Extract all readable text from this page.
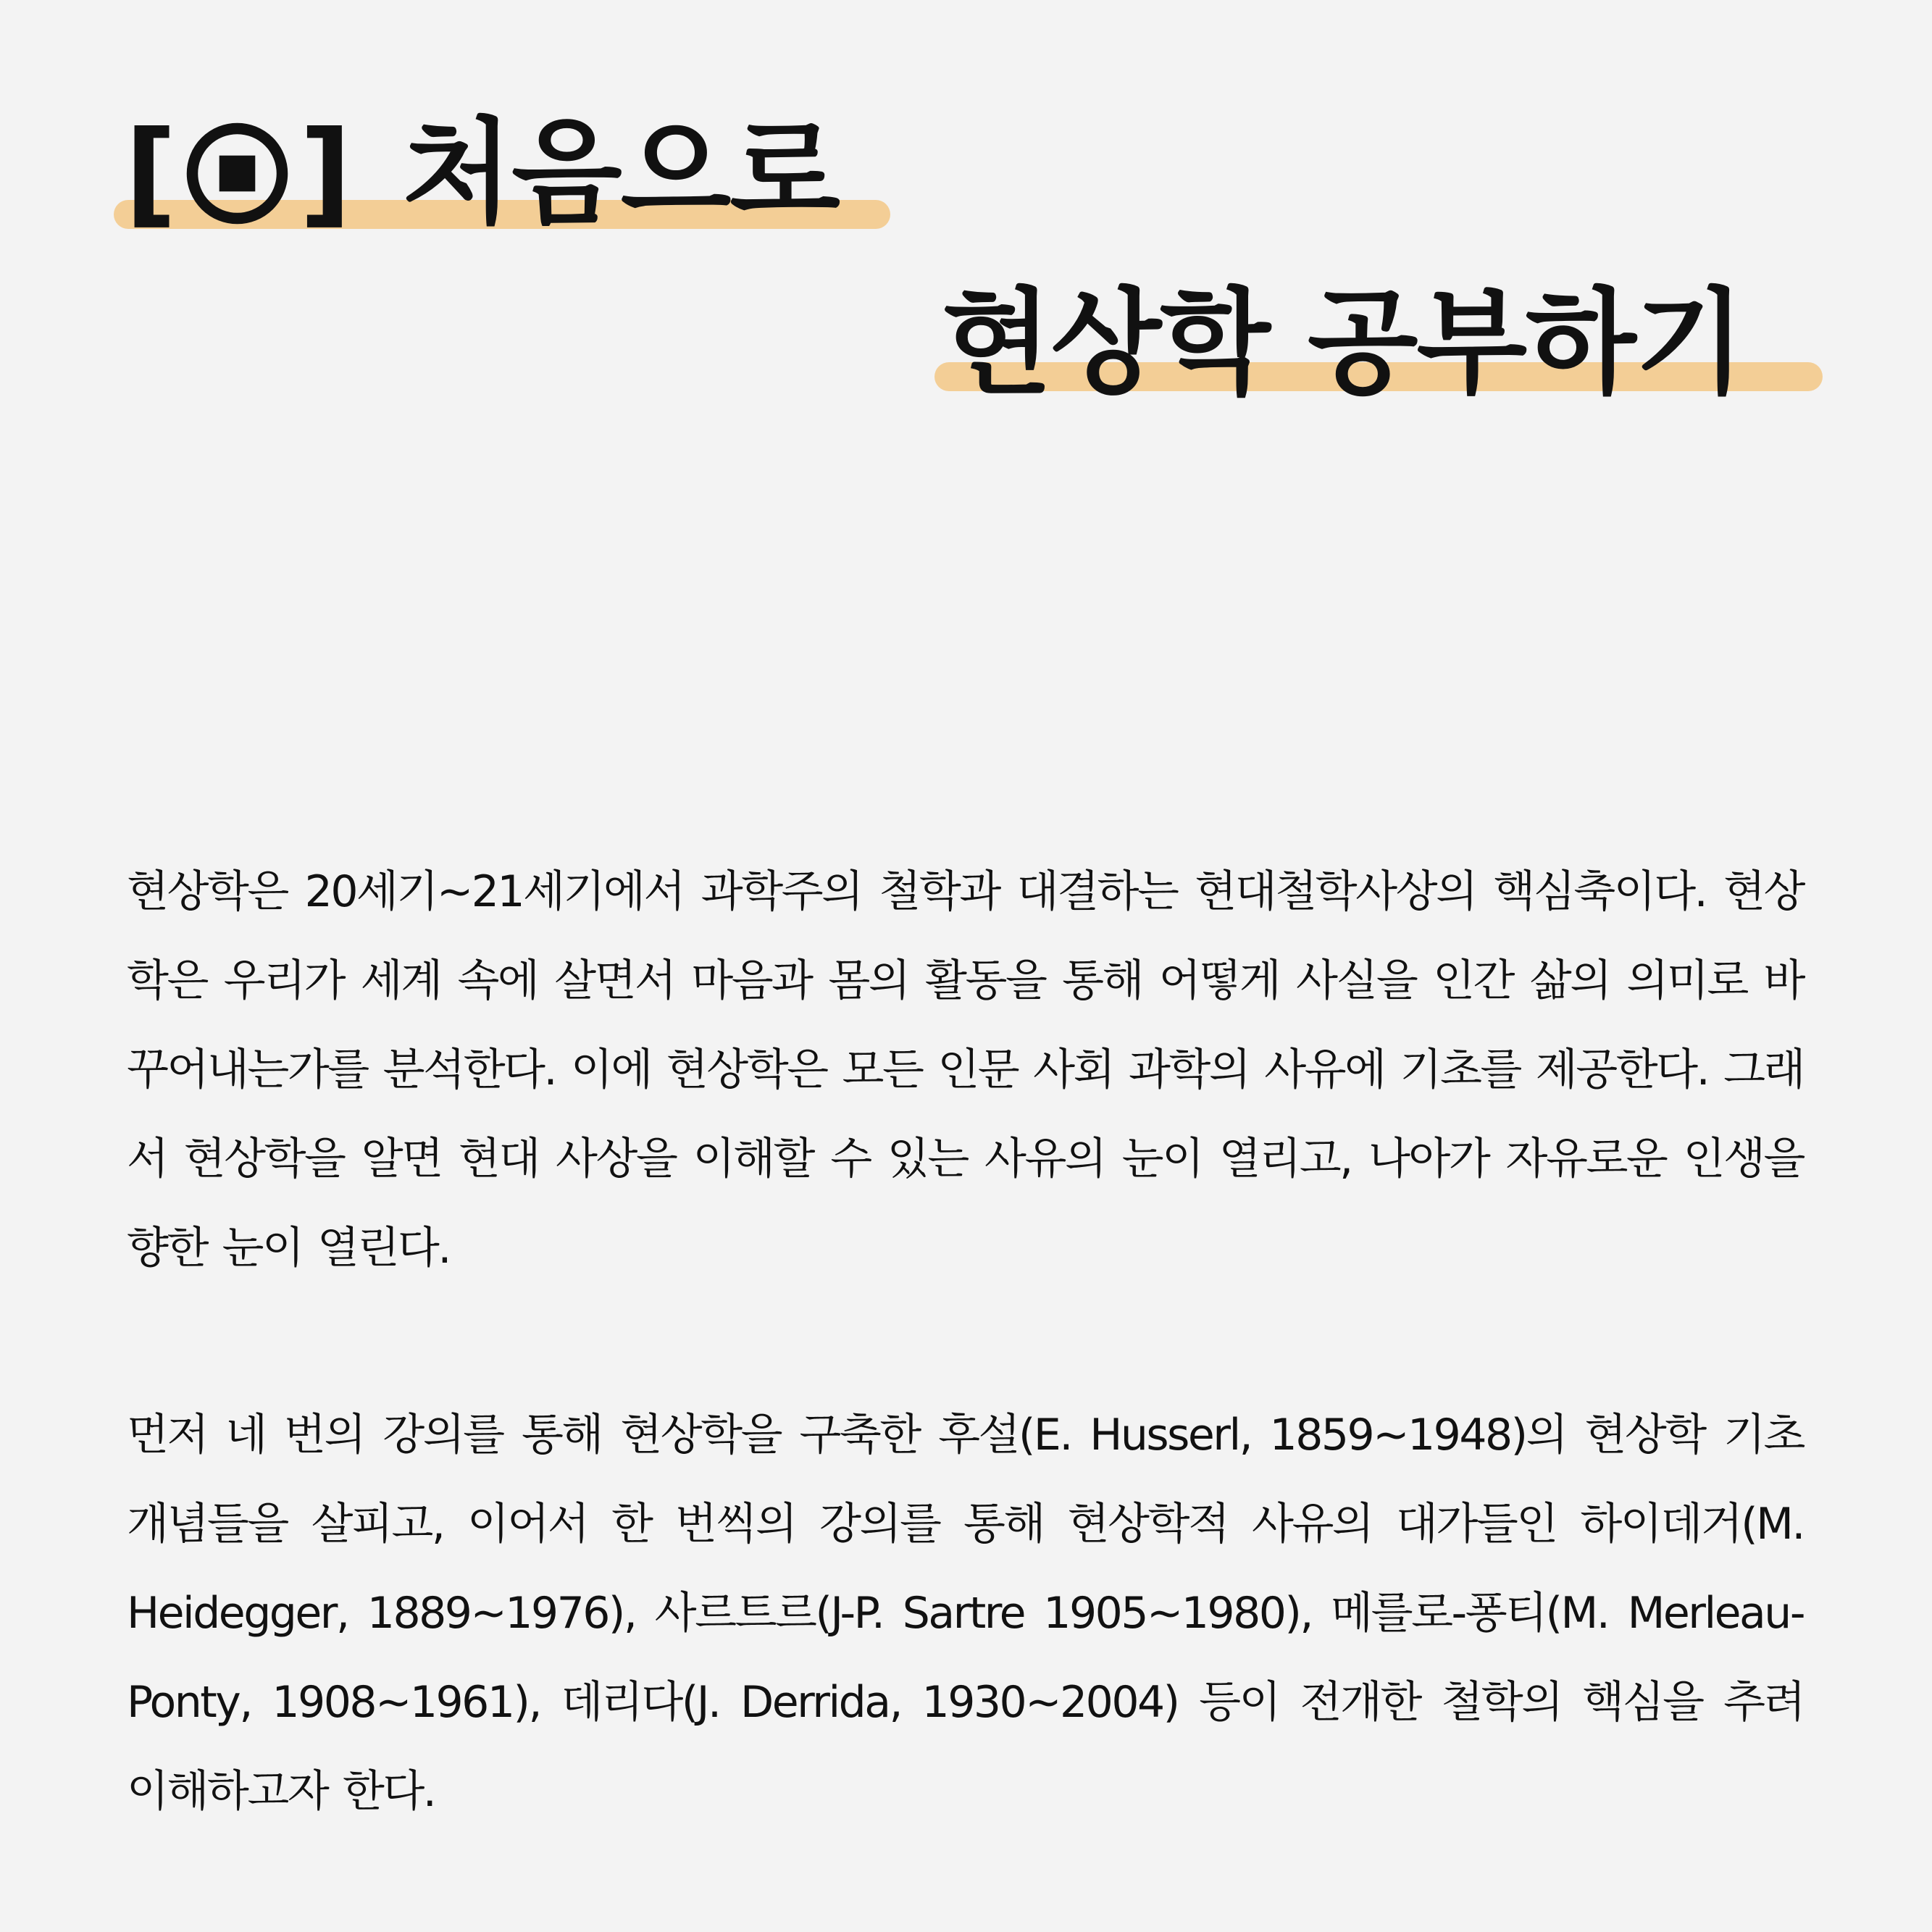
[ ] 처음으로
현상학 공부하기

현상학은 20세기~21세기에서 과학주의 철학과 대결하는 현대철학사상의 핵심축이다. 현상학은 우리가 세계 속에 살면서 마음과 몸의 활동을 통해 어떻게 사실을 인간 삶의 의미로 바꾸어내는가를 분석한다. 이에 현상학은 모든 인문 사회 과학의 사유에 기초를 제공한다. 그래서 현상학을 알면 현대 사상을 이해할 수 있는 사유의 눈이 열리고, 나아가 자유로운 인생을 향한 눈이 열린다.

먼저 네 번의 강의를 통해 현상학을 구축한 후설(E. Husserl, 1859~1948)의 현상학 기초 개념들을 살피고, 이어서 한 번씩의 강의를 통해 현상학적 사유의 대가들인 하이데거(M. Heidegger, 1889~1976), 사르트르(J-P. Sartre 1905~1980), 메를로-퐁티(M. Merleau-Ponty, 1908~1961), 데리다(J. Derrida, 1930~2004) 등이 전개한 철학의 핵심을 추려 이해하고자 한다.
